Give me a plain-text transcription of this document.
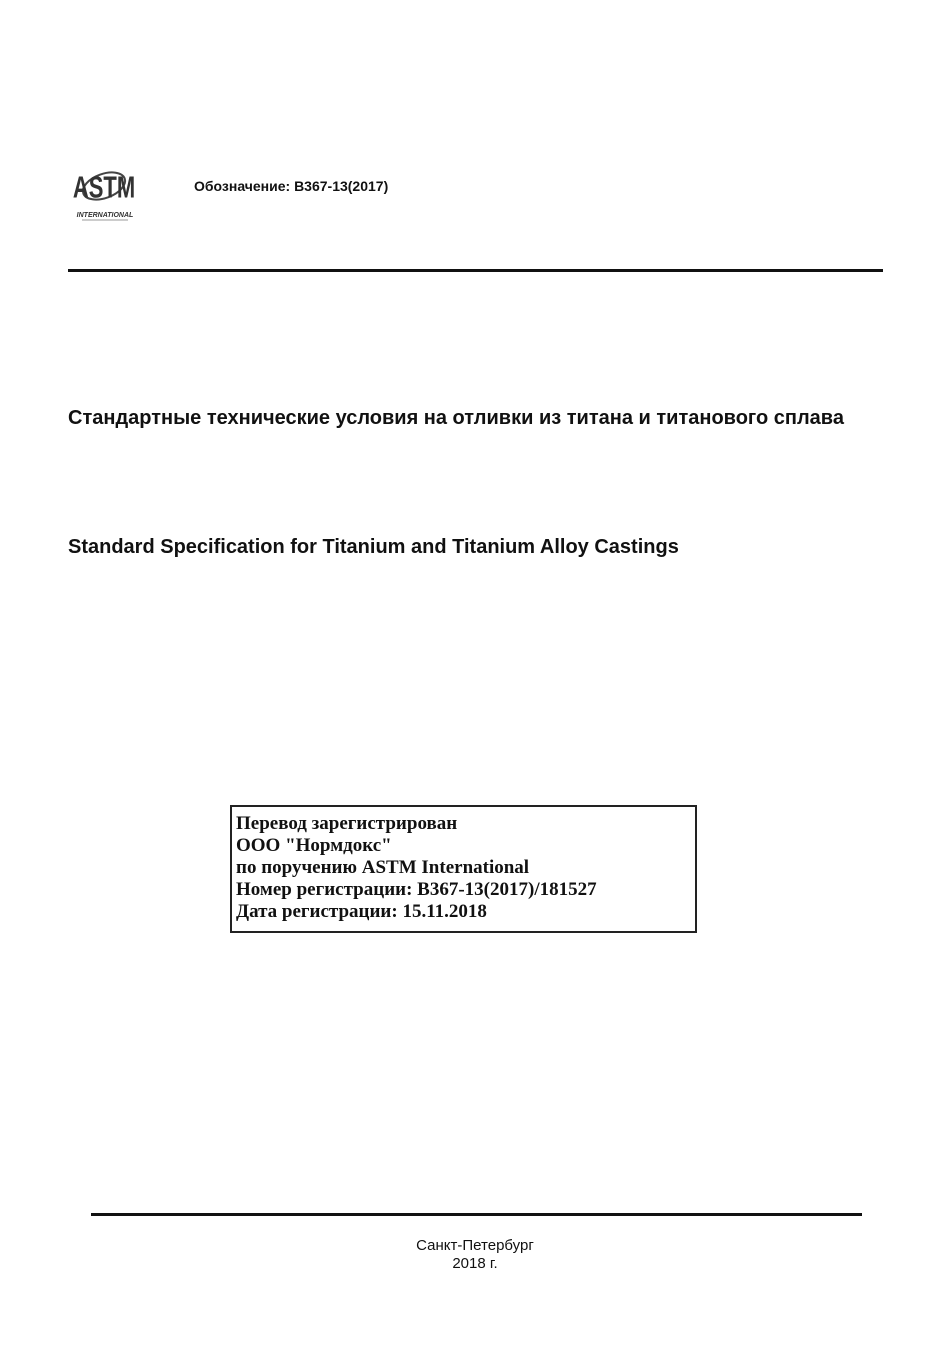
ASTM
INTERNATIONAL
Обозначение: B367-13(2017)
Стандартные технические условия на отливки из титана и титанового сплава
Standard Specification for Titanium and Titanium Alloy Castings
Перевод зарегистрирован
ООО "Нормдокс"
по поручению ASTM International
Номер регистрации: B367-13(2017)/181527
Дата регистрации: 15.11.2018
Санкт-Петербург
2018 г.
